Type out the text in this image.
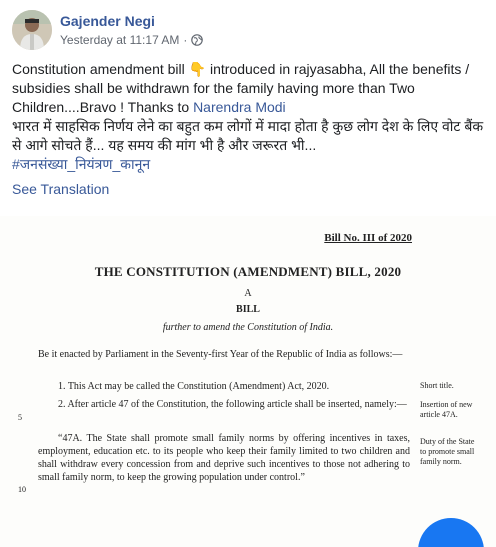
Gajender Negi
Yesterday at 11:17 AM ·

Constitution amendment bill 👇 introduced in rajyasabha, All the benefits / subsidies shall be withdrawn for the family having more than Two Children....Bravo ! Thanks to Narendra Modi

भारत में साहसिक निर्णय लेने का बहुत कम लोगों में मादा होता है कुछ लोग देश के लिए वोट बैंक से आगे सोचते हैं... यह समय की मांग भी है और जरूरत भी...

#जनसंख्या_नियंत्रण_कानून

See Translation
Bill No. III of 2020
THE CONSTITUTION (AMENDMENT) BILL, 2020
A
BILL
further to amend the Constitution of India.
Be it enacted by Parliament in the Seventy-first Year of the Republic of India as follows:—
1. This Act may be called the Constitution (Amendment) Act, 2020.
2. After article 47 of the Constitution, the following article shall be inserted, namely:—
“47A. The State shall promote small family norms by offering incentives in taxes, employment, education etc. to its people who keep their family limited to two children and shall withdraw every concession from and deprive such incentives to those not adhering to small family norm, to keep the growing population under control.”
Short title.
Insertion of new article 47A.
Duty of the State to promote small family norm.
5
10
